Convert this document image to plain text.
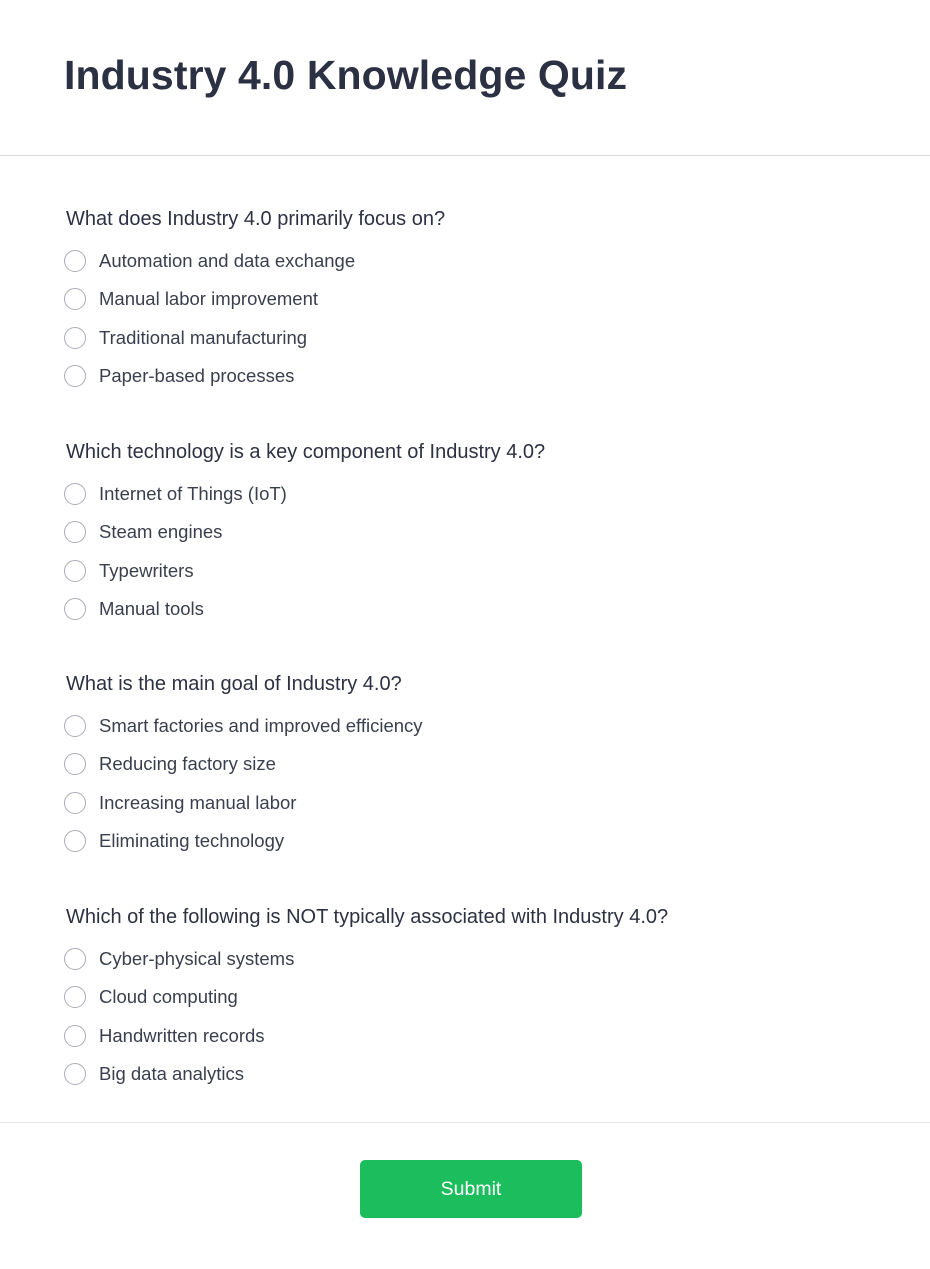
Industry 4.0 Knowledge Quiz

What does Industry 4.0 primarily focus on?

Automation and data exchange
Manual labor improvement
Traditional manufacturing
Paper-based processes

Which technology is a key component of Industry 4.0?

Internet of Things (IoT)
Steam engines
Typewriters
Manual tools

What is the main goal of Industry 4.0?

Smart factories and improved efficiency
Reducing factory size
Increasing manual labor
Eliminating technology

Which of the following is NOT typically associated with Industry 4.0?

Cyber-physical systems
Cloud computing
Handwritten records
Big data analytics
Submit
